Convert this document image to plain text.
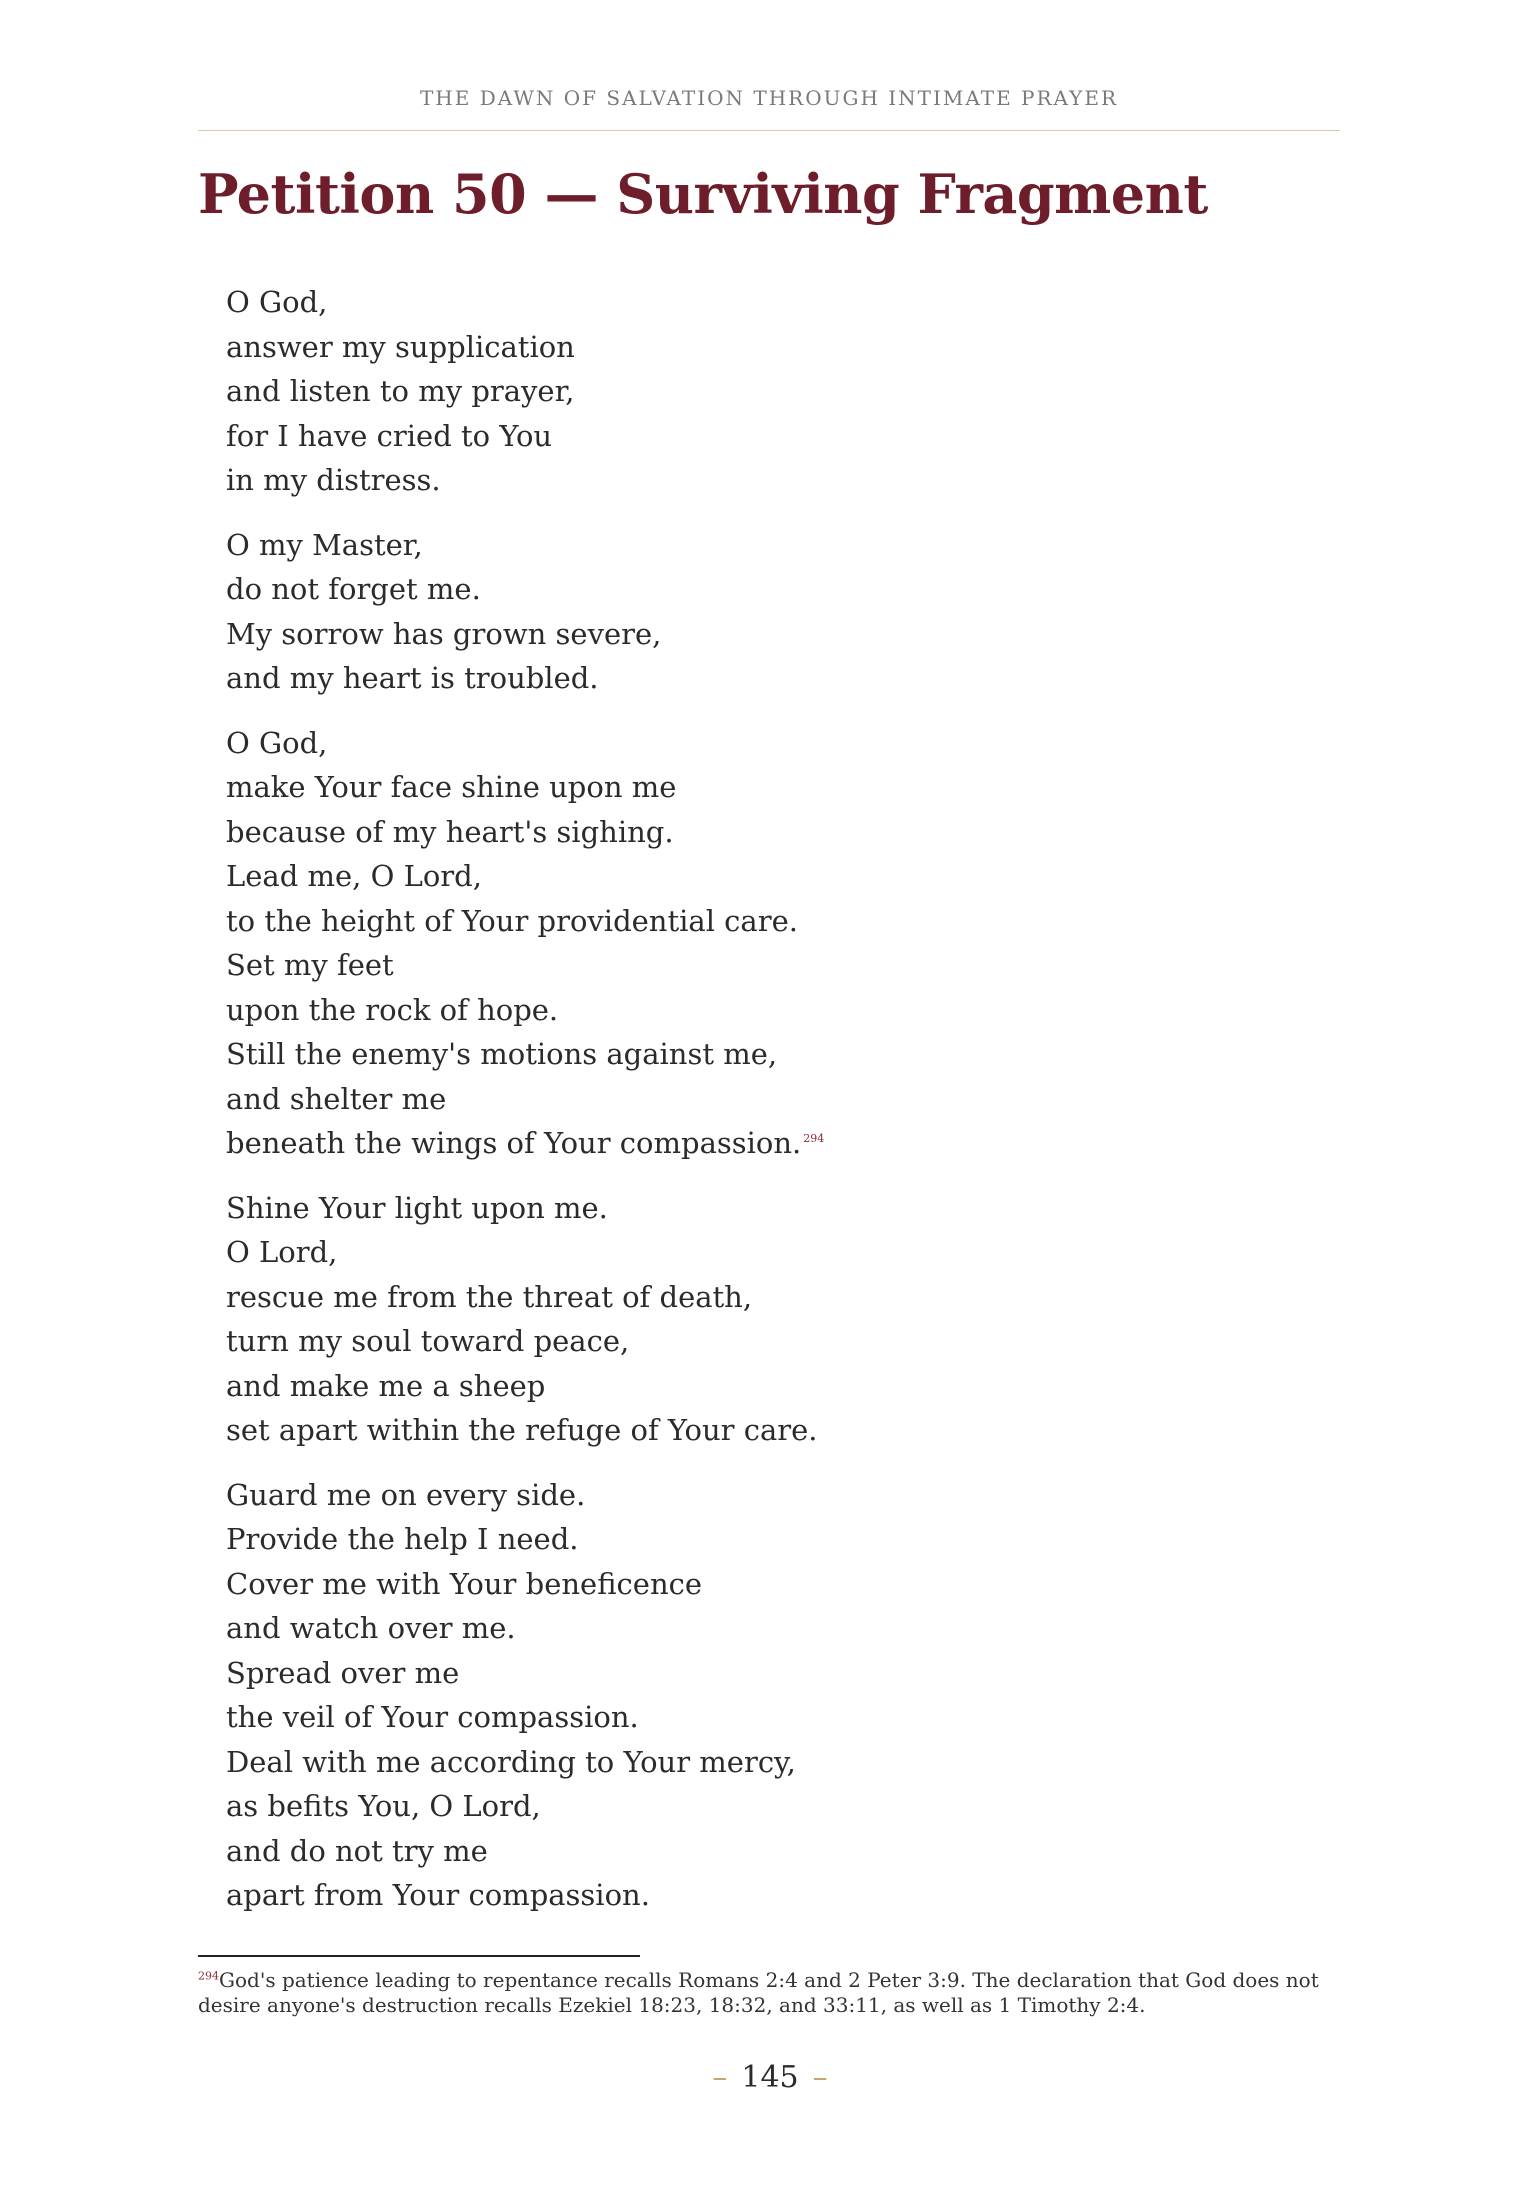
THE DAWN OF SALVATION THROUGH INTIMATE PRAYER
Petition 50 — Surviving Fragment
O God,
answer my supplication
and listen to my prayer,
for I have cried to You
in my distress.
O my Master,
do not forget me.
My sorrow has grown severe,
and my heart is troubled.
O God,
make Your face shine upon me
because of my heart's sighing.
Lead me, O Lord,
to the height of Your providential care.
Set my feet
upon the rock of hope.
Still the enemy's motions against me,
and shelter me
beneath the wings of Your compassion. $^{294}$
Shine Your light upon me.
O Lord,
rescue me from the threat of death,
turn my soul toward peace,
and make me a sheep
set apart within the refuge of Your care.
Guard me on every side.
Provide the help I need.
Cover me with Your beneficence
and watch over me.
Spread over me
the veil of Your compassion.
Deal with me according to Your mercy,
as befits You, O Lord,
and do not try me
apart from Your compassion.
$^{294}$God's patience leading to repentance recalls Romans 2:4 and 2 Peter 3:9. The declaration that God does not desire anyone's destruction recalls Ezekiel 18:23, 18:32, and 33:11, as well as 1 Timothy 2:4.
– 145 –
